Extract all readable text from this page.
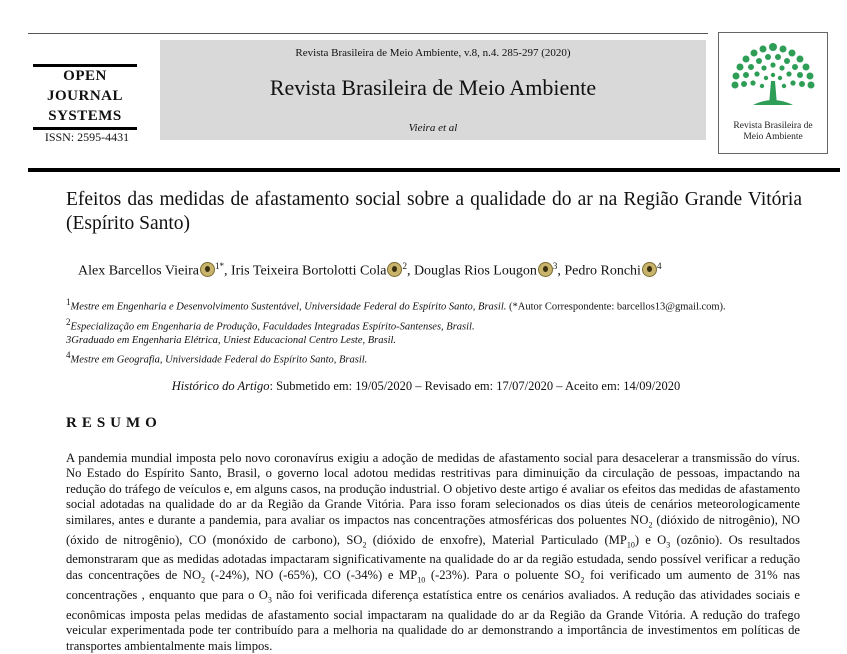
OPEN
JOURNAL
SYSTEMS
ISSN: 2595-4431
Revista Brasileira de Meio Ambiente, v.8, n.4. 285-297 (2020)
Revista Brasileira de Meio Ambiente
Vieira et al	Revista Brasileira de
Meio Ambiente
Efeitos das medidas de afastamento social sobre a qualidade do ar na Região Grande Vitória (Espírito Santo)
Alex Barcellos Vieira $^{1*}$, Iris Teixeira Bortolotti Cola $^2$, Douglas Rios Lougon $^3$, Pedro Ronchi $^4$

$^1$Mestre em Engenharia e Desenvolvimento Sustentável, Universidade Federal do Espírito Santo, Brasil. (*Autor Correspondente: barcellos13@gmail.com).

$^2$Especialização em Engenharia de Produção, Faculdades Integradas Espírito-Santenses, Brasil.

3Graduado em Engenharia Elétrica, Uniest Educacional Centro Leste, Brasil.

$^4$Mestre em Geografia, Universidade Federal do Espírito Santo, Brasil.

Histórico do Artigo: Submetido em: 19/05/2020 – Revisado em: 17/07/2020 – Aceito em: 14/09/2020
RESUMO
A pandemia mundial imposta pelo novo coronavírus exigiu a adoção de medidas de afastamento social para desacelerar a transmissão do vírus. No Estado do Espírito Santo, Brasil, o governo local adotou medidas restritivas para diminuição da circulação de pessoas, impactando na redução do tráfego de veículos e, em alguns casos, na produção industrial. O objetivo deste artigo é avaliar os efeitos das medidas de afastamento social adotadas na qualidade do ar da Região da Grande Vitória. Para isso foram selecionados os dias úteis de cenários meteorologicamente similares, antes e durante a pandemia, para avaliar os impactos nas concentrações atmosféricas dos poluentes $NO_2$ (dióxido de nitrogênio), NO (óxido de nitrogênio), CO (monóxido de carbono), $SO_2$ (dióxido de enxofre), Material Particulado $(MP_{10})$ e $O_3$ (ozônio). Os resultados demonstraram que as medidas adotadas impactaram significativamente na qualidade do ar da região estudada, sendo possível verificar a redução das concentrações de $NO_2$ (-24%), NO (-65%), CO (-34%) e $MP_{10}$ (-23%). Para o poluente $SO_2$ foi verificado um aumento de 31% nas concentrações , enquanto que para o $O_3$ não foi verificada diferença estatística entre os cenários avaliados. A redução das atividades sociais e econômicas imposta pelas medidas de afastamento social impactaram na qualidade do ar da Região da Grande Vitória. A redução do trafego veicular experimentada pode ter contribuído para a melhoria na qualidade do ar demonstrando a importância de investimentos em políticas de transportes ambientalmente mais limpos.
